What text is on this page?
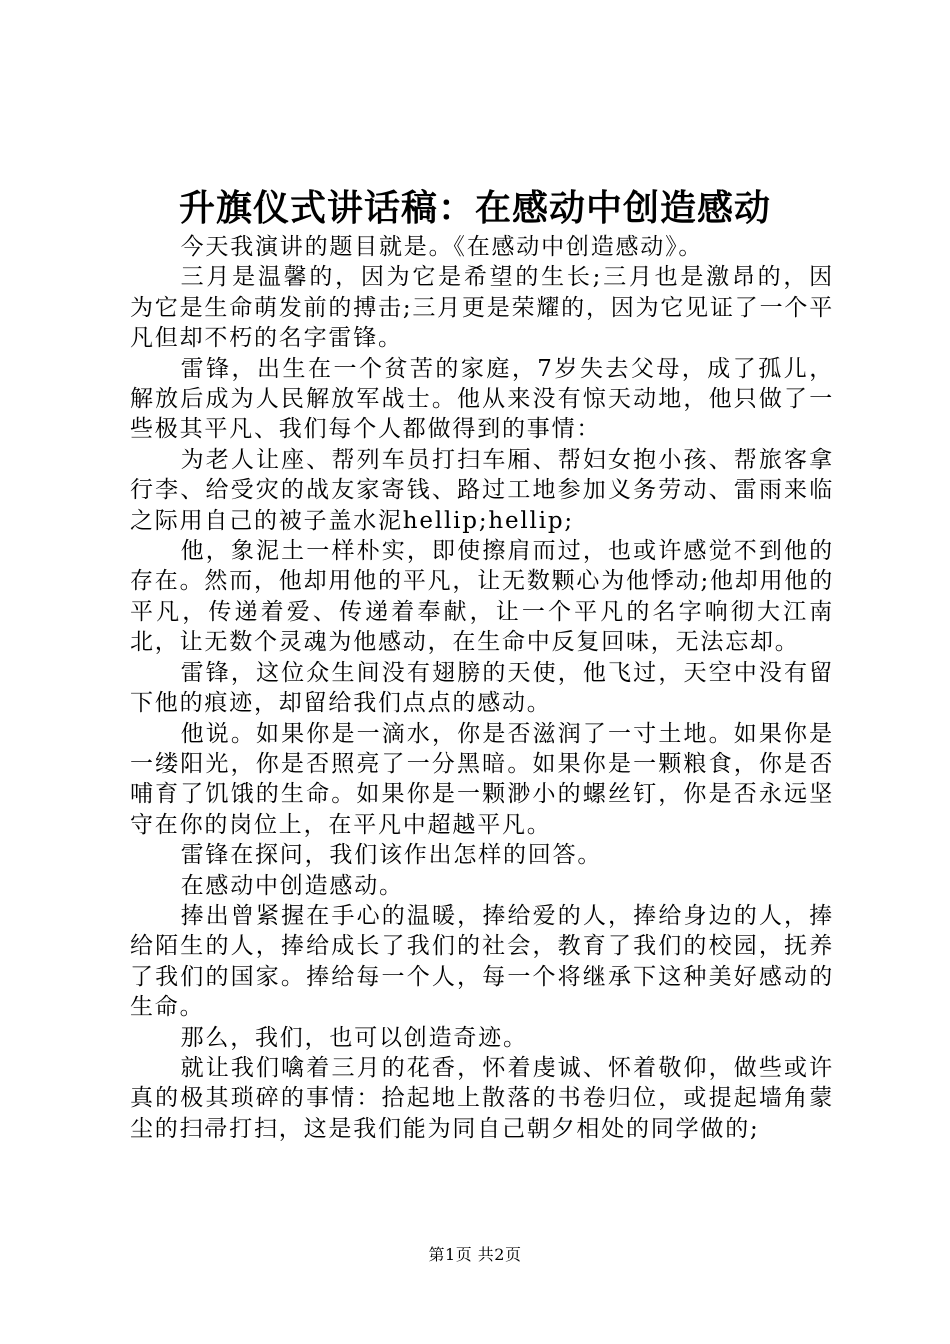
升旗仪式讲话稿：在感动中创造感动

今天我演讲的题目就是。《在感动中创造感动》。

三月是温馨的，因为它是希望的生长;三月也是激昂的，因为它是生命萌发前的搏击;三月更是荣耀的，因为它见证了一个平凡但却不朽的名字雷锋。

雷锋，出生在一个贫苦的家庭，7岁失去父母，成了孤儿，解放后成为人民解放军战士。他从来没有惊天动地，他只做了一些极其平凡、我们每个人都做得到的事情：

为老人让座、帮列车员打扫车厢、帮妇女抱小孩、帮旅客拿行李、给受灾的战友家寄钱、路过工地参加义务劳动、雷雨来临之际用自己的被子盖水泥hellip;hellip;

他，象泥土一样朴实，即使擦肩而过，也或许感觉不到他的存在。然而，他却用他的平凡，让无数颗心为他悸动;他却用他的平凡，传递着爱、传递着奉献，让一个平凡的名字响彻大江南北，让无数个灵魂为他感动，在生命中反复回味，无法忘却。

雷锋，这位众生间没有翅膀的天使，他飞过，天空中没有留下他的痕迹，却留给我们点点的感动。

他说。如果你是一滴水，你是否滋润了一寸土地。如果你是一缕阳光，你是否照亮了一分黑暗。如果你是一颗粮食，你是否哺育了饥饿的生命。如果你是一颗渺小的螺丝钉，你是否永远坚守在你的岗位上，在平凡中超越平凡。

雷锋在探问，我们该作出怎样的回答。

在感动中创造感动。

捧出曾紧握在手心的温暖，捧给爱的人，捧给身边的人，捧给陌生的人，捧给成长了我们的社会，教育了我们的校园，抚养了我们的国家。捧给每一个人，每一个将继承下这种美好感动的生命。

那么，我们，也可以创造奇迹。

就让我们噙着三月的花香，怀着虔诚、怀着敬仰，做些或许真的极其琐碎的事情：拾起地上散落的书卷归位，或提起墙角蒙尘的扫帚打扫，这是我们能为同自己朝夕相处的同学做的;

第1页 共2页
